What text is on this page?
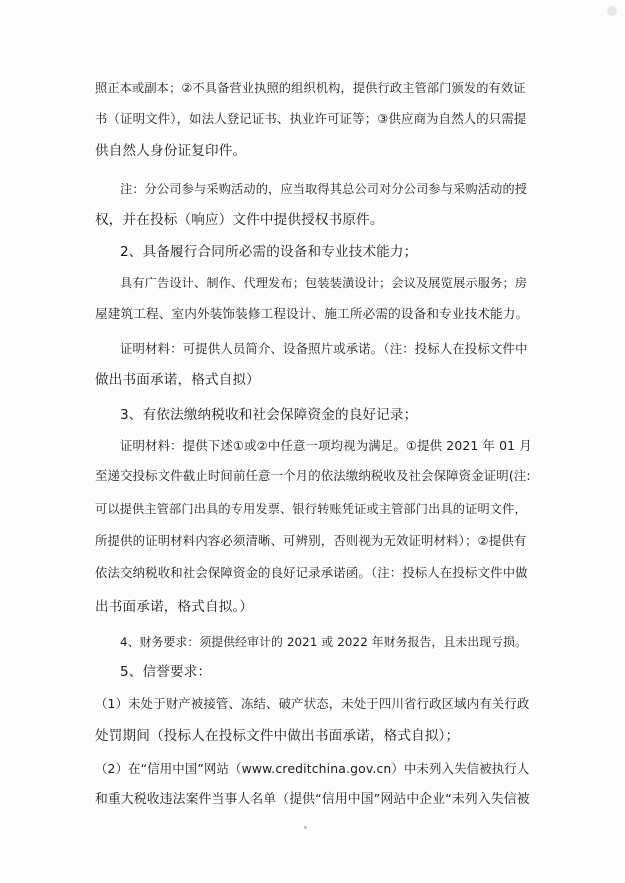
照正本或副本；②不具备营业执照的组织机构，提供行政主管部门颁发的有效证
书（证明文件），如法人登记证书、执业许可证等；③供应商为自然人的只需提
供自然人身份证复印件。
注：分公司参与采购活动的，应当取得其总公司对分公司参与采购活动的授
权，并在投标（响应）文件中提供授权书原件。
2、具备履行合同所必需的设备和专业技术能力；
具有广告设计、制作、代理发布；包装装潢设计；会议及展览展示服务；房
屋建筑工程、室内外装饰装修工程设计、施工所必需的设备和专业技术能力。
证明材料：可提供人员简介、设备照片或承诺。（注：投标人在投标文件中
做出书面承诺，格式自拟）
3、有依法缴纳税收和社会保障资金的良好记录；
证明材料：提供下述①或②中任意一项均视为满足。①提供 2021 年 01 月
至递交投标文件截止时间前任意一个月的依法缴纳税收及社会保障资金证明(注:
可以提供主管部门出具的专用发票、银行转账凭证或主管部门出具的证明文件，
所提供的证明材料内容必须清晰、可辨别，否则视为无效证明材料）；②提供有
依法交纳税收和社会保障资金的良好记录承诺函。（注：投标人在投标文件中做
出书面承诺，格式自拟。）
4、财务要求：须提供经审计的 2021 或 2022 年财务报告，且未出现亏损。
5、信誉要求：
（1）未处于财产被接管、冻结、破产状态，未处于四川省行政区域内有关行政
处罚期间（投标人在投标文件中做出书面承诺，格式自拟）；
（2）在“信用中国”网站（www.creditchina.gov.cn）中未列入失信被执行人
和重大税收违法案件当事人名单（提供“信用中国”网站中企业“未列入失信被
